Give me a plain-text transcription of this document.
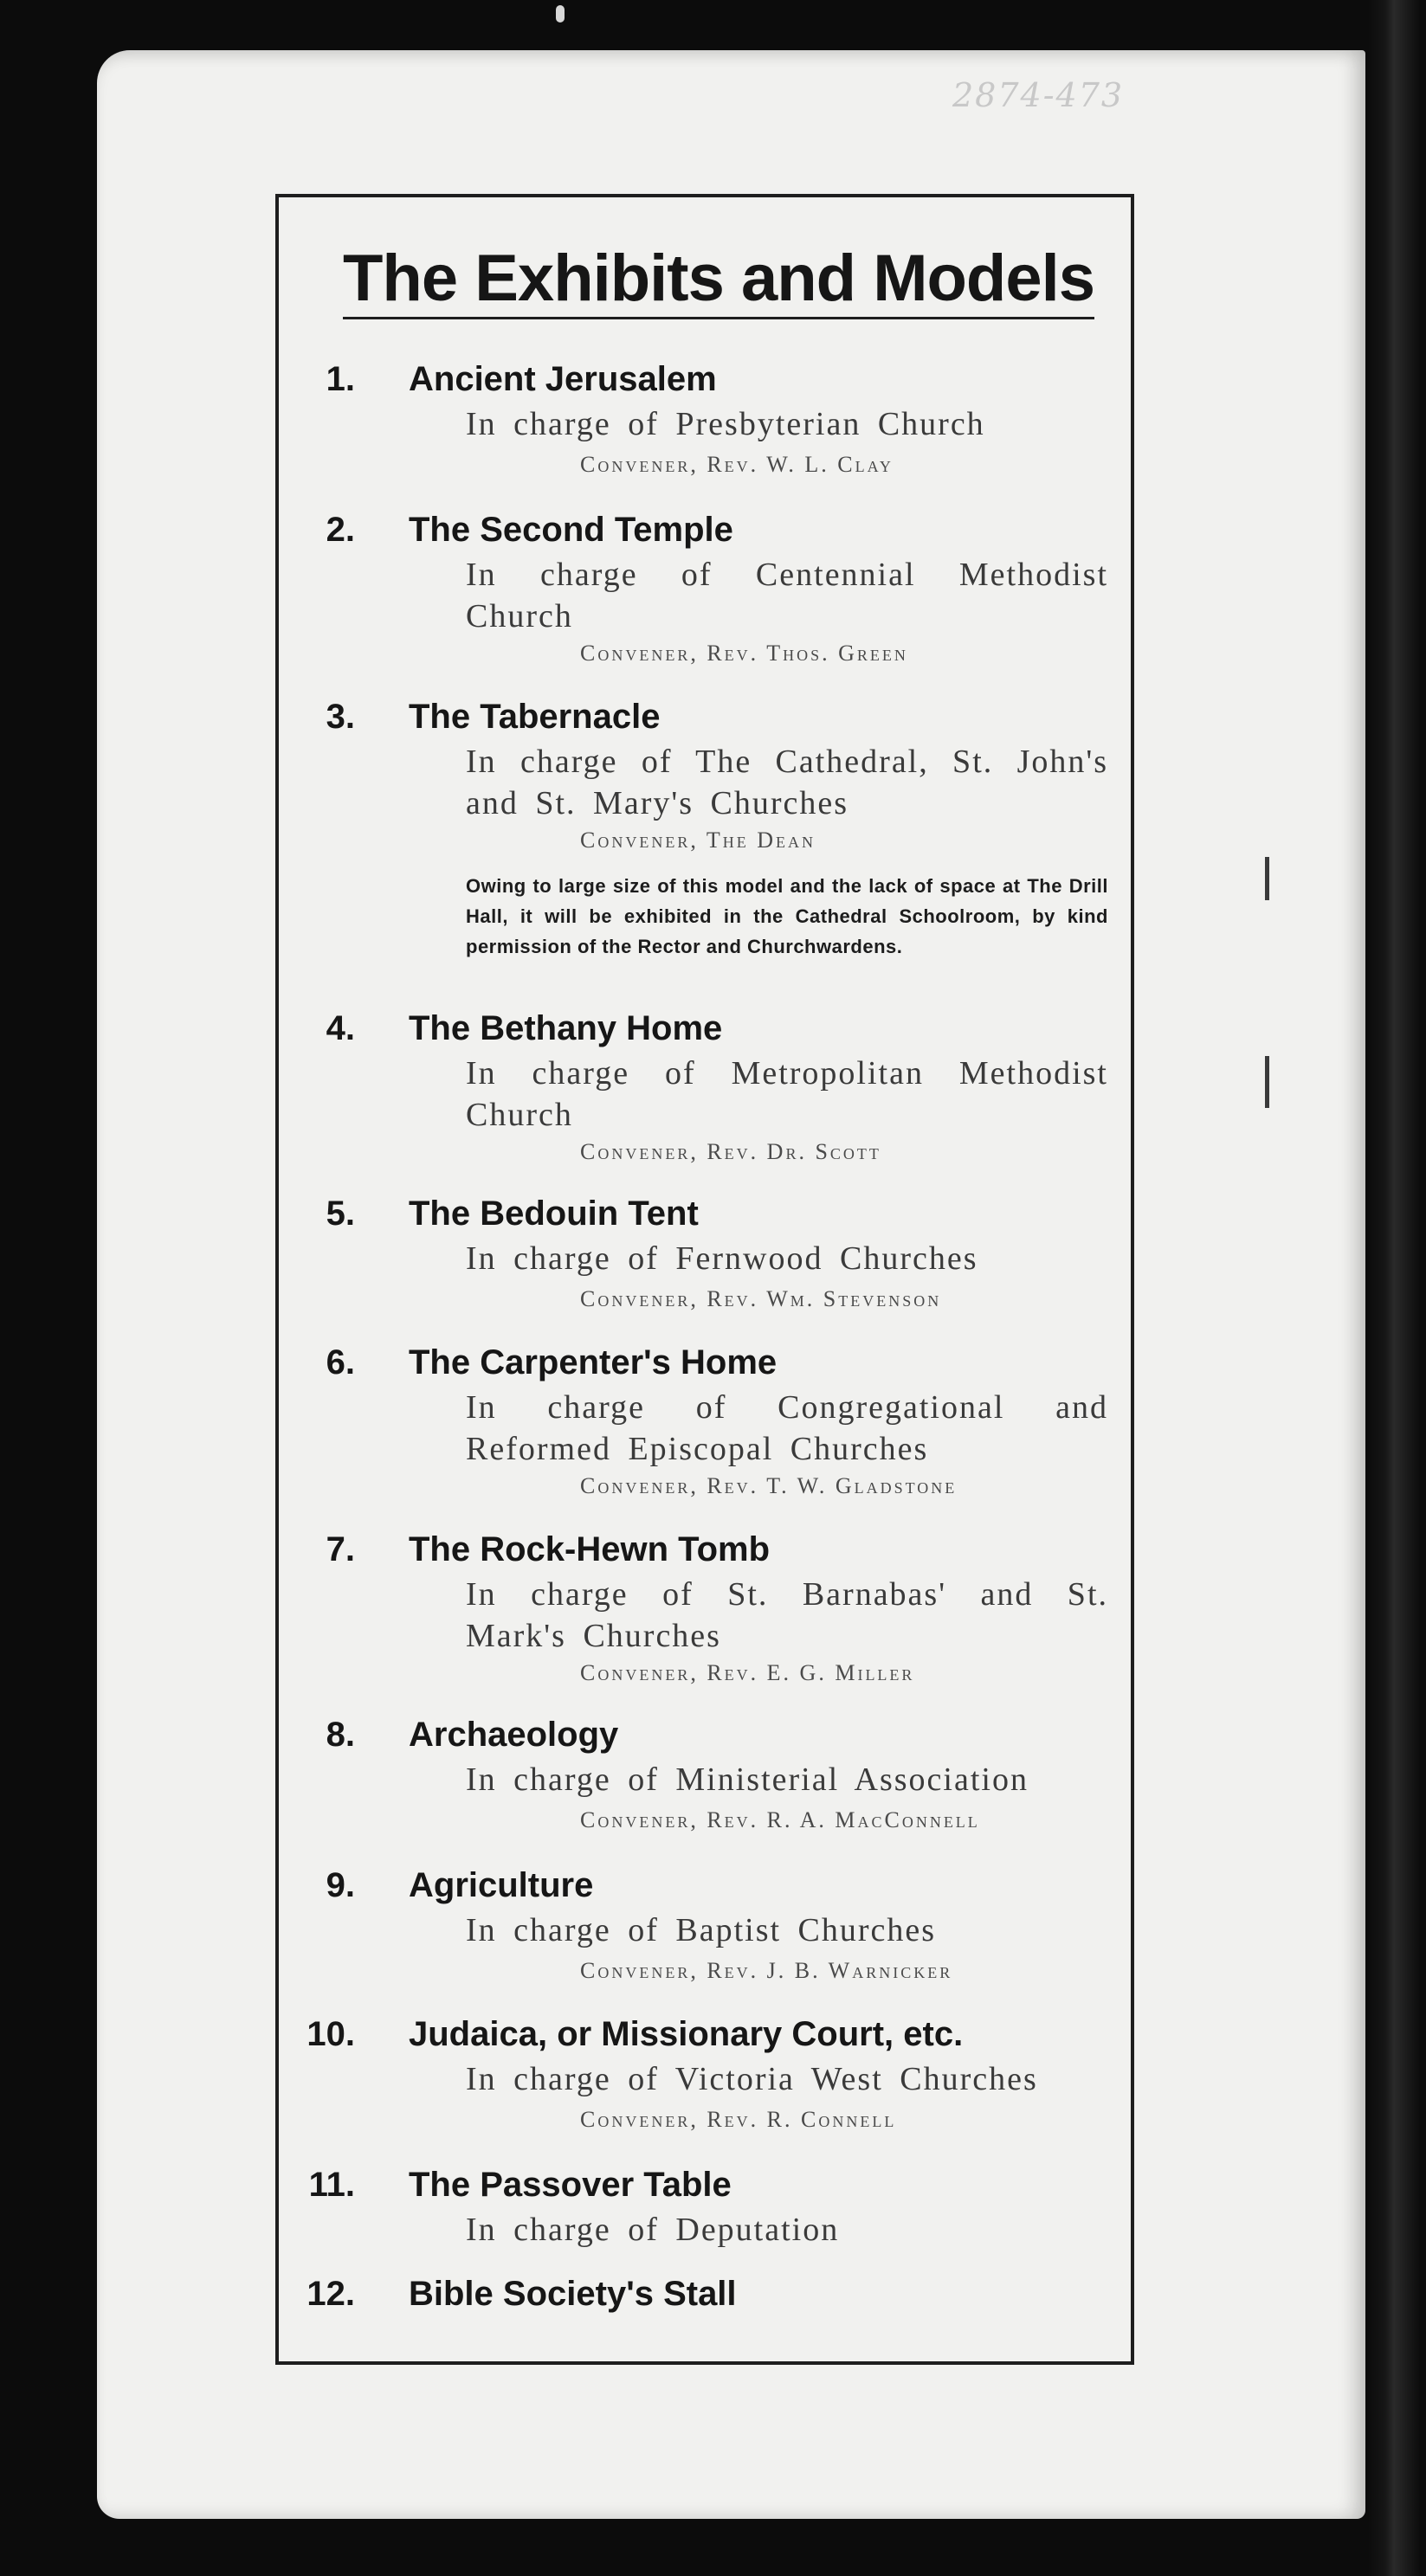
2874-473
The Exhibits and Models
1. Ancient Jerusalem
In charge of Presbyterian Church
Convener, Rev. W. L. Clay
2. The Second Temple
In charge of Centennial Methodist Church
Convener, Rev. Thos. Green
3. The Tabernacle
In charge of The Cathedral, St. John's and St. Mary's Churches
Convener, The Dean
Owing to large size of this model and the lack of space at The Drill Hall, it will be exhibited in the Cathedral Schoolroom, by kind permission of the Rector and Churchwardens.
4. The Bethany Home
In charge of Metropolitan Methodist Church
Convener, Rev. Dr. Scott
5. The Bedouin Tent
In charge of Fernwood Churches
Convener, Rev. Wm. Stevenson
6. The Carpenter's Home
In charge of Congregational and Reformed Episcopal Churches
Convener, Rev. T. W. Gladstone
7. The Rock-Hewn Tomb
In charge of St. Barnabas' and St. Mark's Churches
Convener, Rev. E. G. Miller
8. Archaeology
In charge of Ministerial Association
Convener, Rev. R. A. MacConnell
9. Agriculture
In charge of Baptist Churches
Convener, Rev. J. B. Warnicker
10. Judaica, or Missionary Court, etc.
In charge of Victoria West Churches
Convener, Rev. R. Connell
11. The Passover Table
In charge of Deputation
12. Bible Society's Stall
